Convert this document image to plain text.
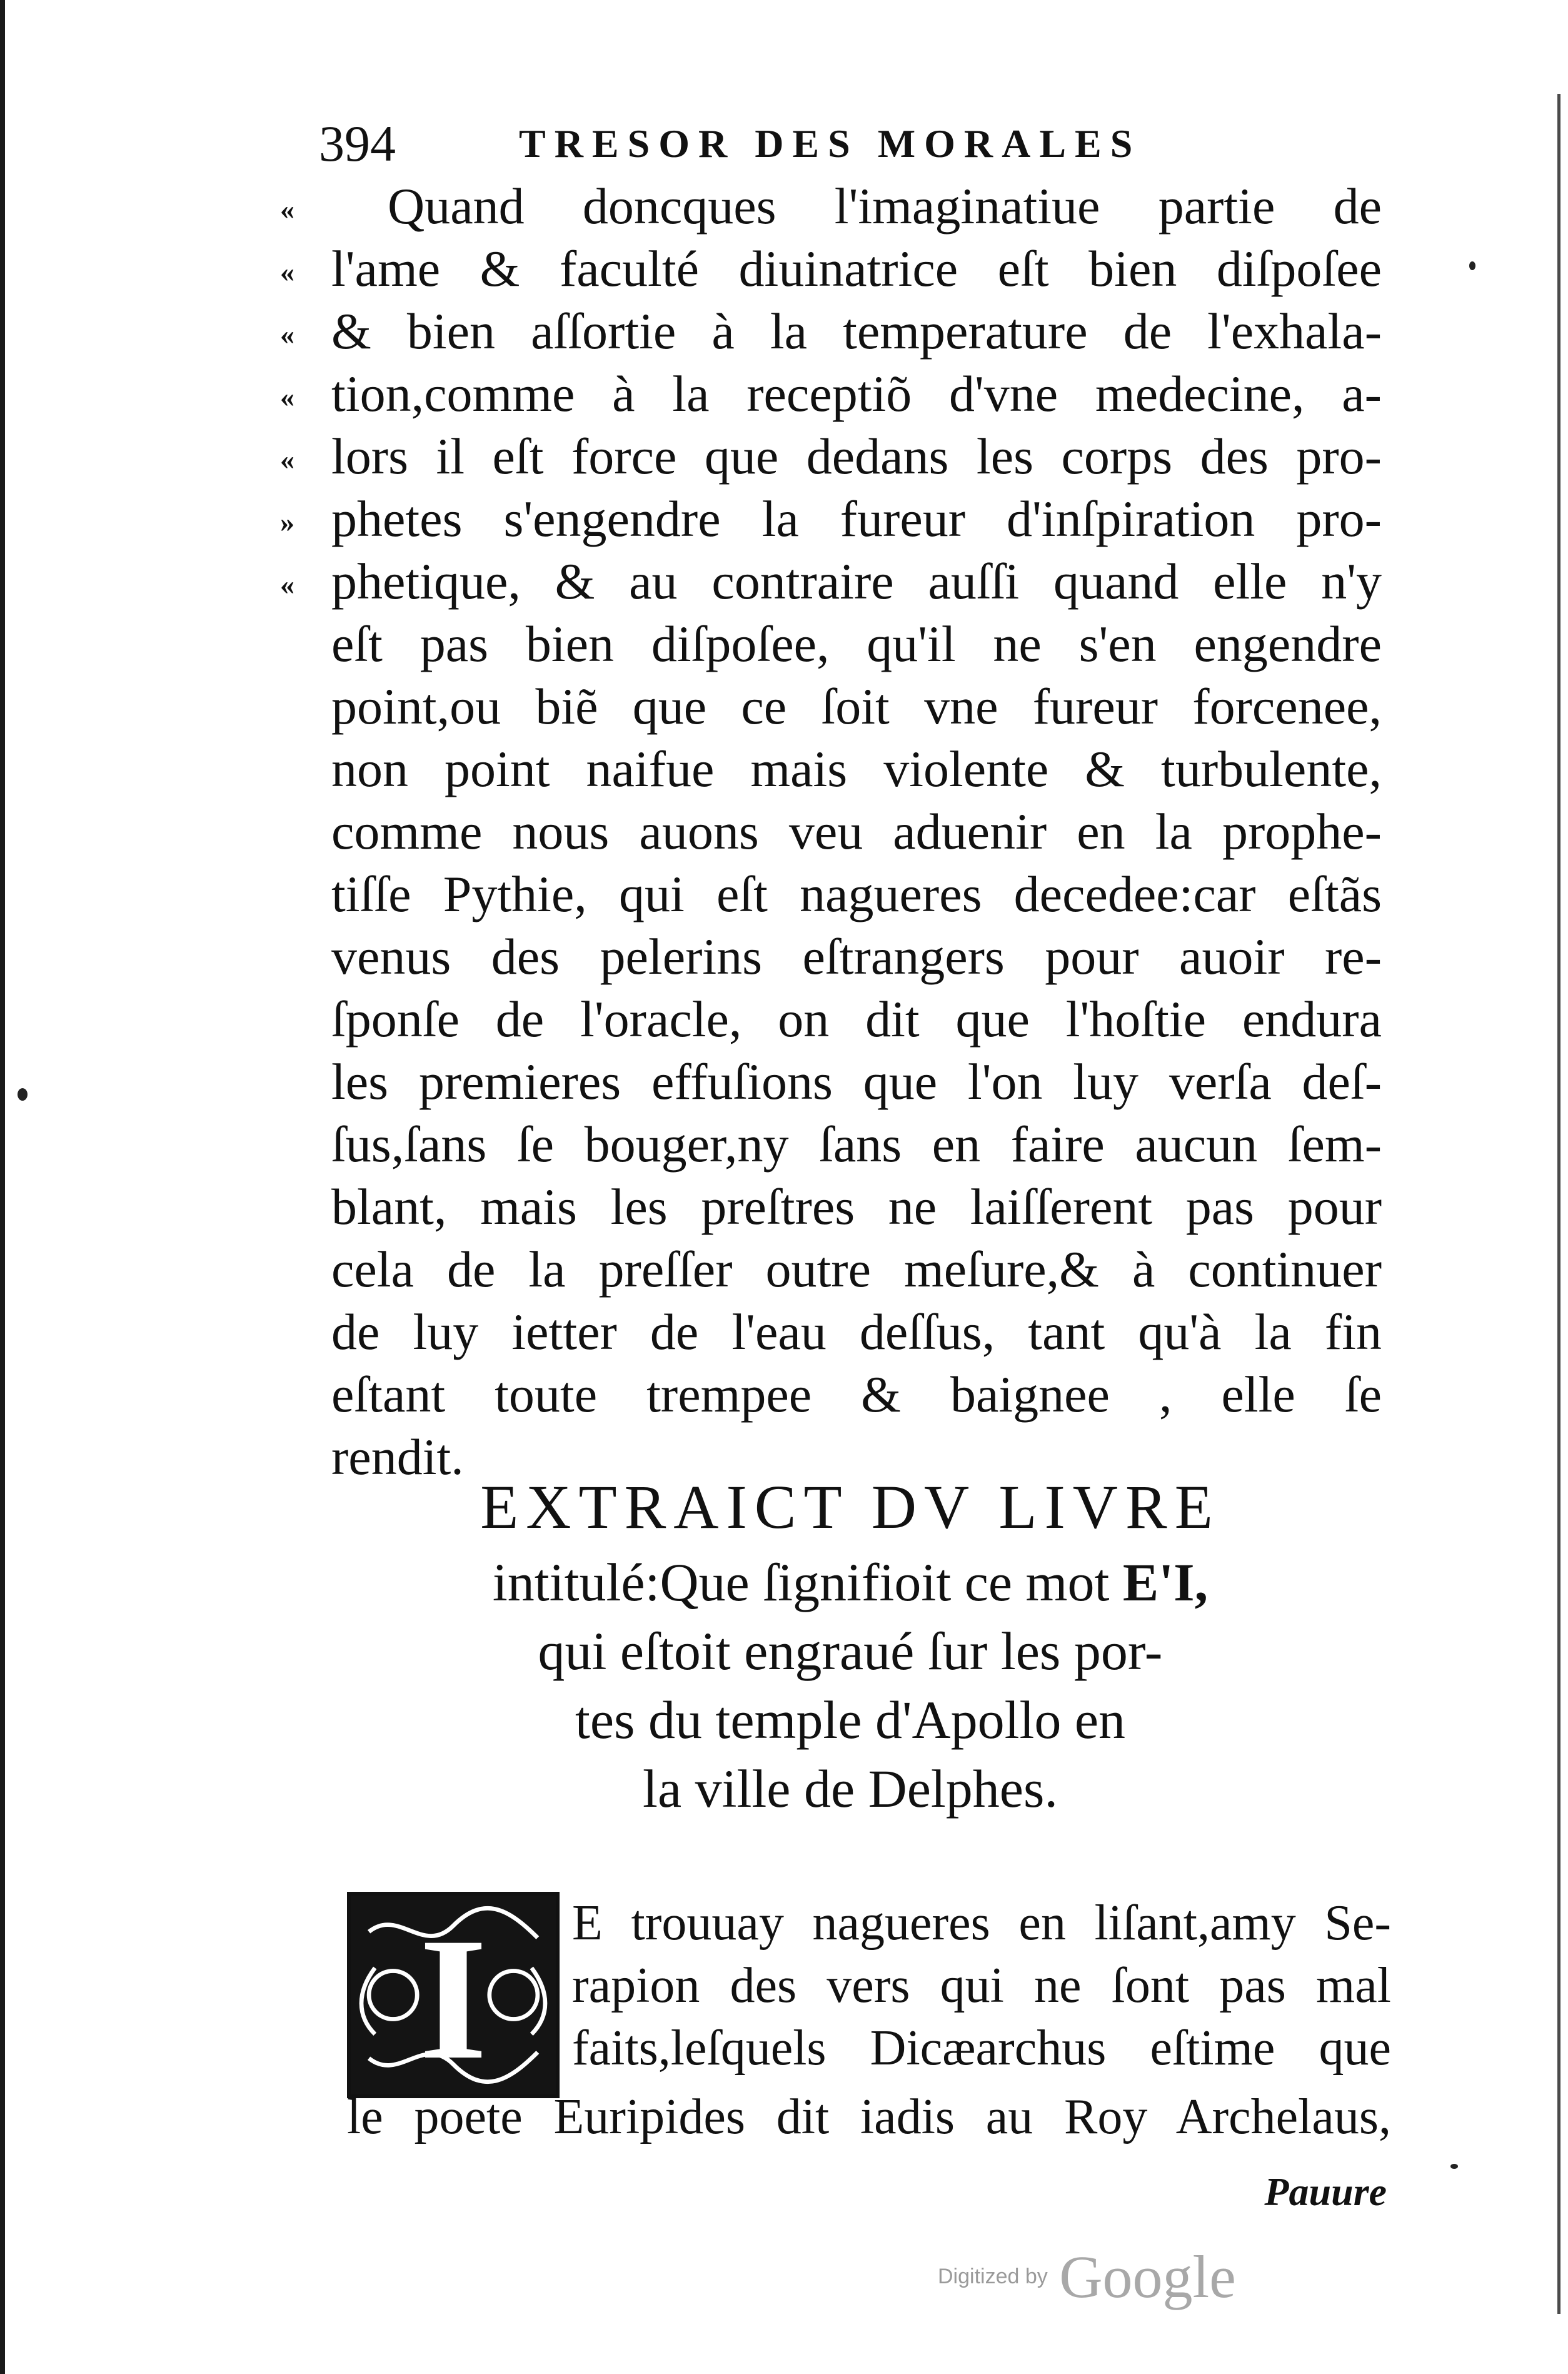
394	TRESOR DES MORALES
«
«
«
«
«
»
«
Quand doncques l'imaginatiue partie de
l'ame & faculté diuinatrice eſt bien diſpoſee
& bien aſſortie à la temperature de l'exhala-
tion,comme à la receptiõ d'vne medecine, a-
lors il eſt force que dedans les corps des pro-
phetes s'engendre la fureur d'inſpiration pro-
phetique, & au contraire auſſi quand elle n'y
eſt pas bien diſpoſee, qu'il ne s'en engendre
point,ou biẽ que ce ſoit vne fureur forcenee,
non point naifue mais violente & turbulente,
comme nous auons veu aduenir en la prophe-
tiſſe Pythie, qui eſt nagueres decedee:car eſtãs
venus des pelerins eſtrangers pour auoir re-
ſponſe de l'oracle, on dit que l'hoſtie endura
les premieres effuſions que l'on luy verſa deſ-
ſus,ſans ſe bouger,ny ſans en faire aucun ſem-
blant, mais les preſtres ne laiſſerent pas pour
cela de la preſſer outre meſure,& à continuer
de luy ietter de l'eau deſſus, tant qu'à la fin
eſtant toute trempee & baignee , elle ſe
rendit.
EXTRAICT DV LIVRE
intitulé:Que ſignifioit ce mot E'I,
qui eſtoit engraué ſur les por-
tes du temple d'Apollo en
la ville de Delphes.
I	E trouuay nagueres en liſant,amy Se-
rapion des vers qui ne ſont pas mal
faits,leſquels Dicæarchus eſtime que
le poete Euripides dit iadis au Roy Archelaus,
Pauure
Digitized by Google
